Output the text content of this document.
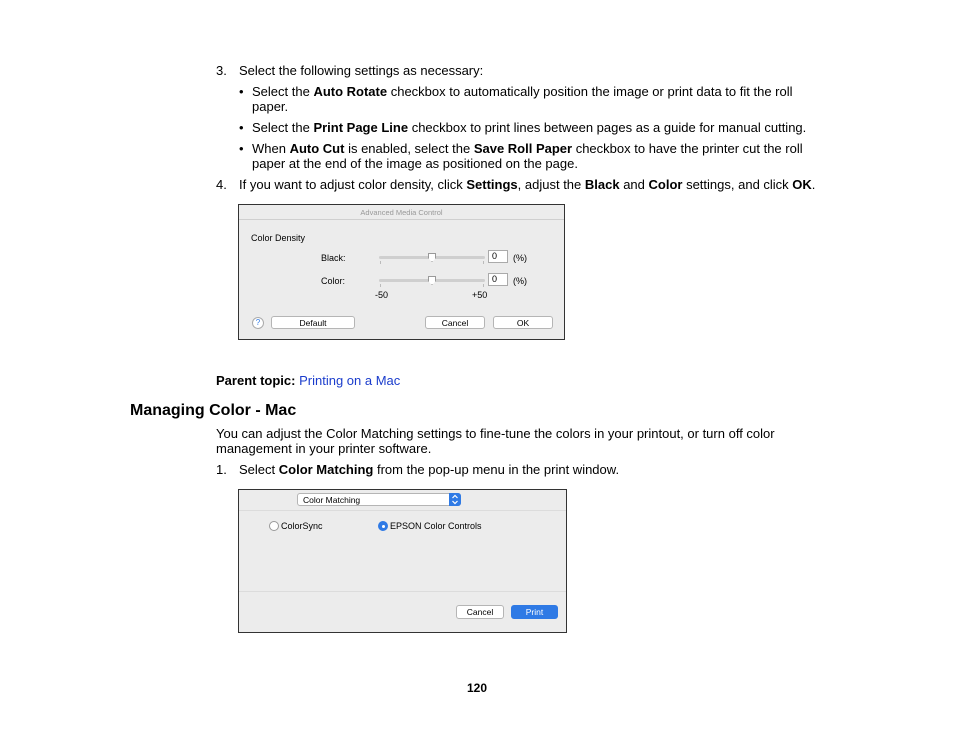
3. Select the following settings as necessary:
• Select the Auto Rotate checkbox to automatically position the image or print data to fit the roll
paper.
• Select the Print Page Line checkbox to print lines between pages as a guide for manual cutting.
• When Auto Cut is enabled, select the Save Roll Paper checkbox to have the printer cut the roll
paper at the end of the image as positioned on the page.
4. If you want to adjust color density, click Settings, adjust the Black and Color settings, and click OK.
Advanced Media Control
Color Density
Black:	0	(%)
Color:	0	(%)
-50	+50
?	Default	Cancel	OK
Parent topic: Printing on a Mac
Managing Color - Mac
You can adjust the Color Matching settings to fine-tune the colors in your printout, or turn off color
management in your printer software.
1. Select Color Matching from the pop-up menu in the print window.
Color Matching
ColorSync	EPSON Color Controls
Cancel	Print
120
